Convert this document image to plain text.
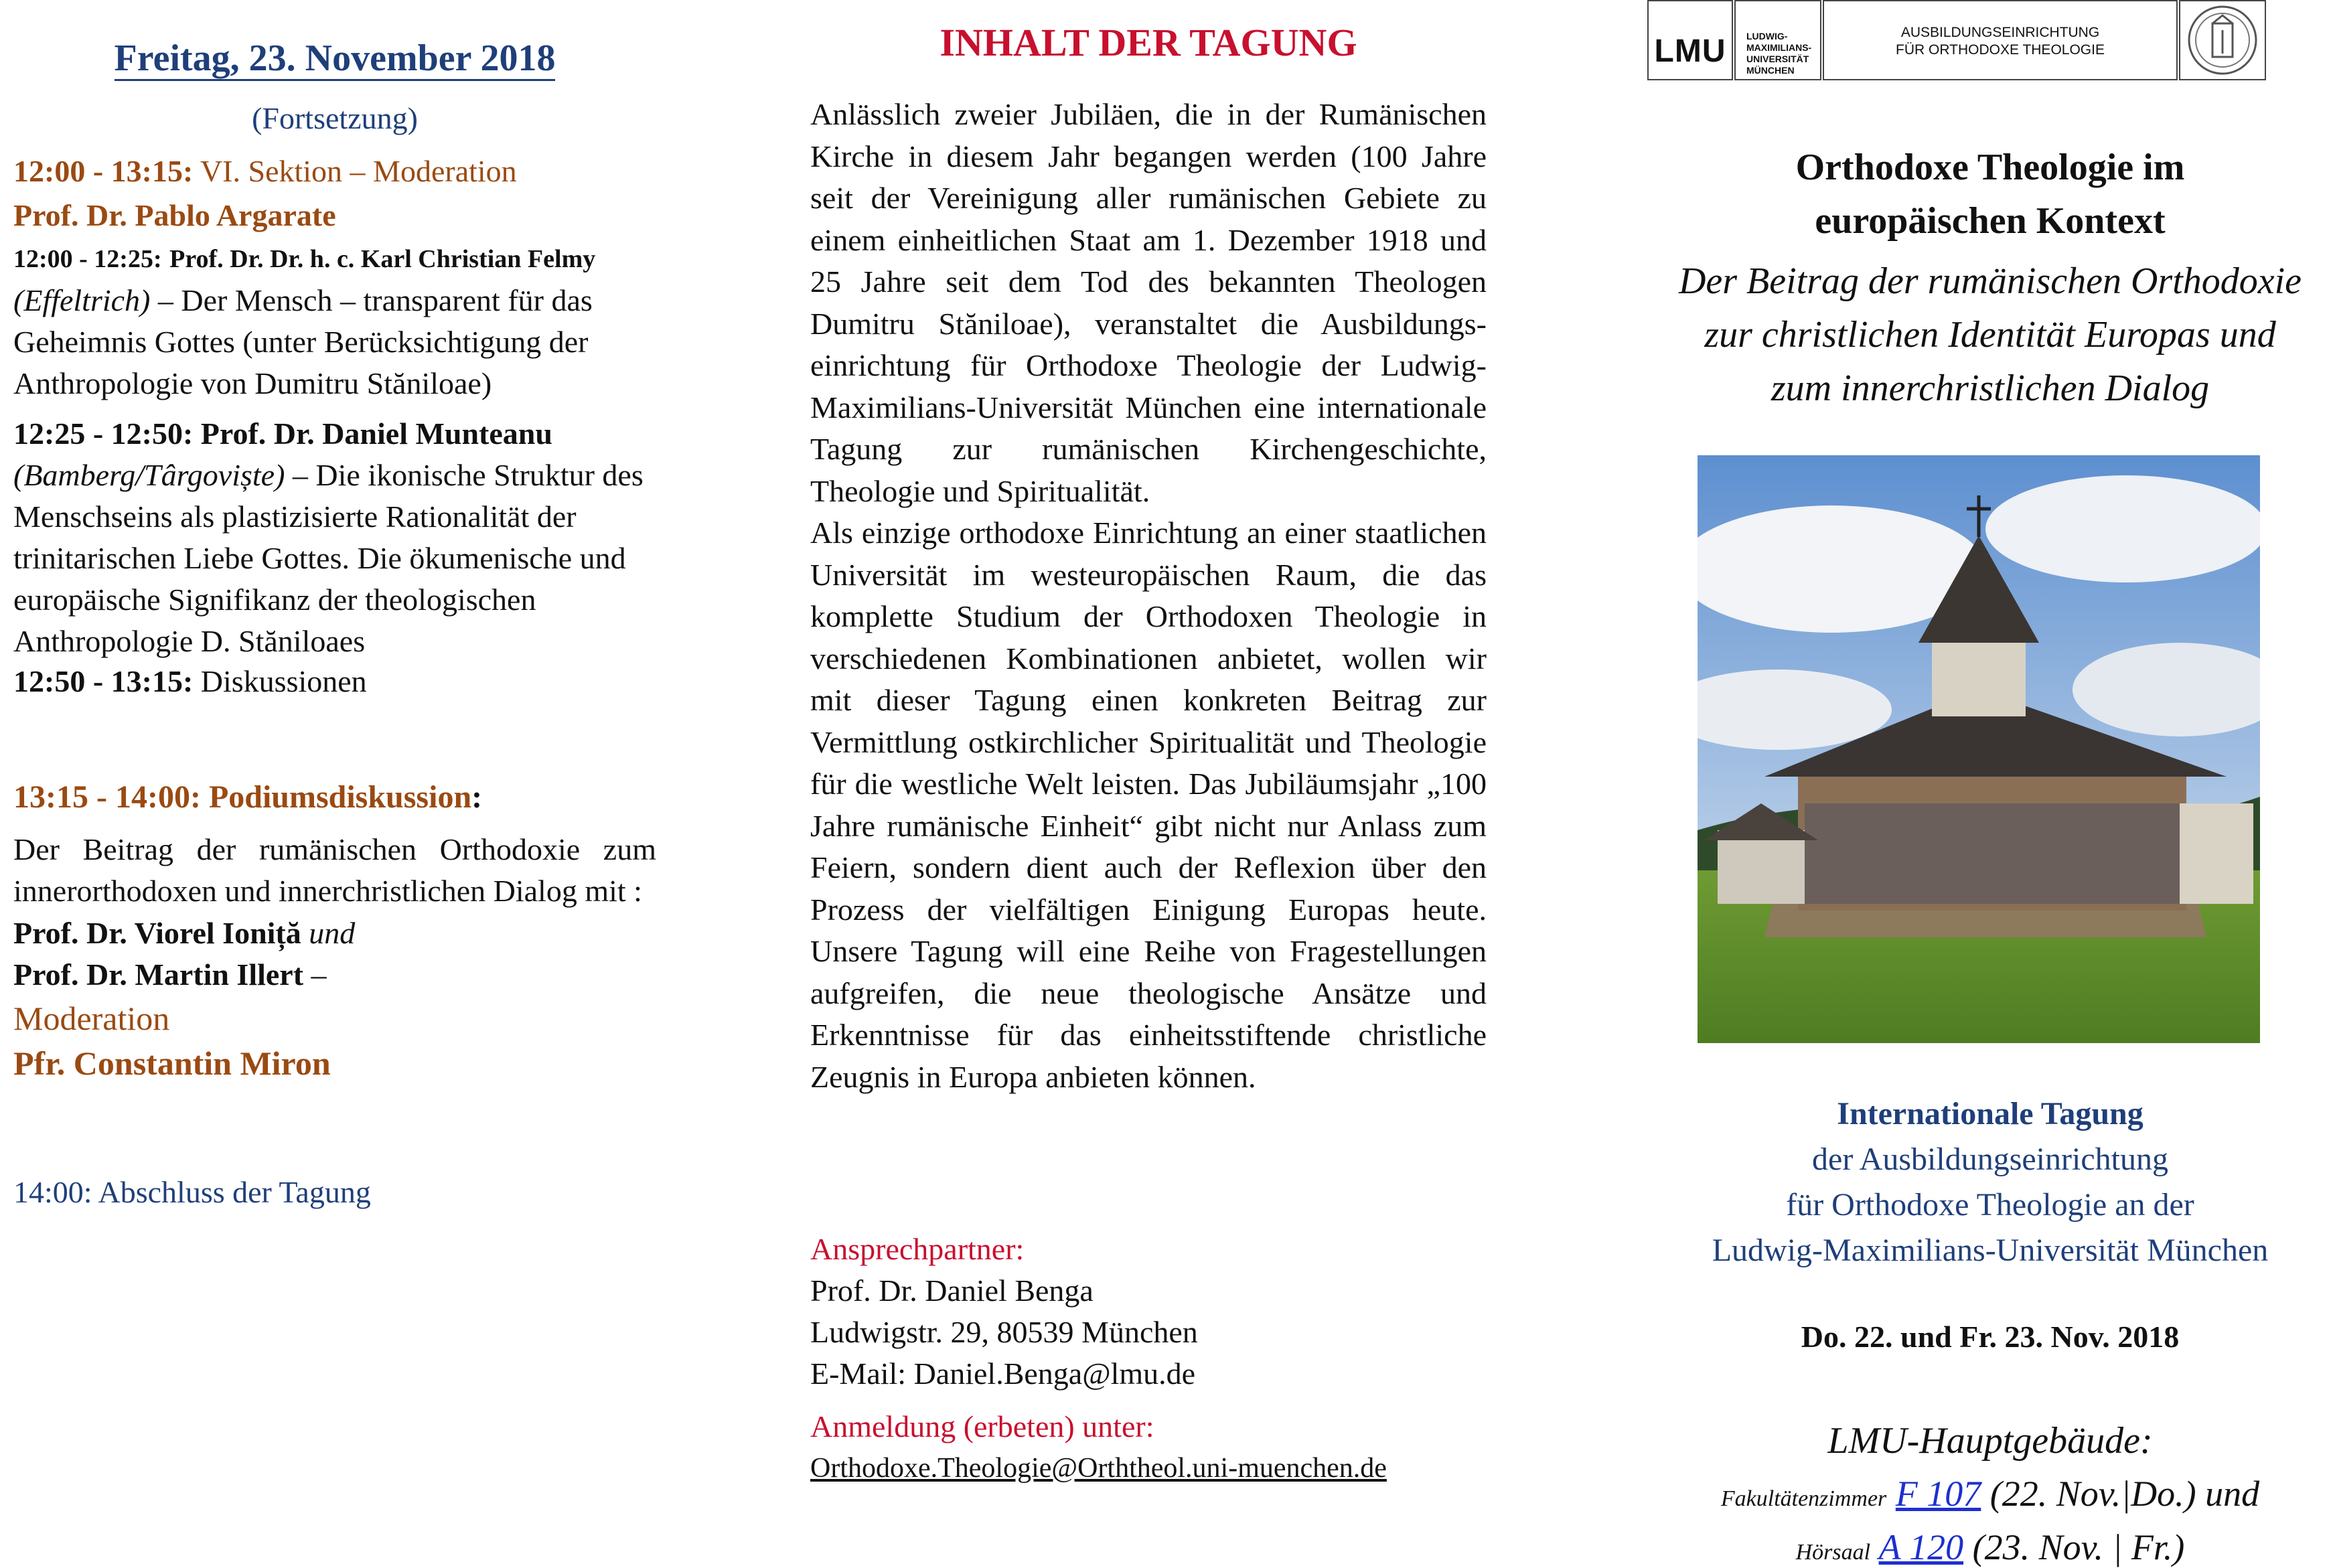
Freitag, 23. November 2018
(Fortsetzung)
12:00 - 13:15: VI. Sektion – Moderation
Prof. Dr. Pablo Argarate
12:00 - 12:25: Prof. Dr. Dr. h. c. Karl Christian Felmy (Effeltrich) – Der Mensch – transparent für das Geheimnis Gottes (unter Berücksichtigung der Anthropologie von Dumitru Stăniloae)
12:25 - 12:50: Prof. Dr. Daniel Munteanu (Bamberg/Târgoviște) – Die ikonische Struktur des Menschseins als plastizisierte Rationalität der trinitarischen Liebe Gottes. Die ökumenische und europäische Signifikanz der theologischen Anthropologie D. Stăniloaes
12:50 - 13:15: Diskussionen
13:15 - 14:00: Podiumsdiskussion:
Der Beitrag der rumänischen Orthodoxie zum innerorthodoxen und innerchristlichen Dialog mit :
Prof. Dr. Viorel Ioniță und
Prof. Dr. Martin Illert –
Moderation
Pfr. Constantin Miron
14:00: Abschluss der Tagung
INHALT DER TAGUNG

Anlässlich zweier Jubiläen, die in der Rumänischen Kirche in diesem Jahr begangen werden (100 Jahre seit der Vereinigung aller rumänischen Gebiete zu einem einheitlichen Staat am 1. Dezember 1918 und 25 Jahre seit dem Tod des bekannten Theologen Dumitru Stăniloae), veranstaltet die Ausbildungs-einrichtung für Orthodoxe Theologie der Ludwig-Maximilians-Universität München eine internationale Tagung zur rumänischen Kirchengeschichte, Theologie und Spiritualität.

Als einzige orthodoxe Einrichtung an einer staatlichen Universität im westeuropäischen Raum, die das komplette Studium der Orthodoxen Theologie in verschiedenen Kombinationen anbietet, wollen wir mit dieser Tagung einen konkreten Beitrag zur Vermittlung ostkirchlicher Spiritualität und Theologie für die westliche Welt leisten. Das Jubiläumsjahr „100 Jahre rumänische Einheit“ gibt nicht nur Anlass zum Feiern, sondern dient auch der Reflexion über den Prozess der vielfältigen Einigung Europas heute. Unsere Tagung will eine Reihe von Fragestellungen aufgreifen, die neue theologische Ansätze und Erkenntnisse für das einheitsstiftende christliche Zeugnis in Europa anbieten können.

Ansprechpartner:
Prof. Dr. Daniel Benga
Ludwigstr. 29, 80539 München
E-Mail: Daniel.Benga@lmu.de
Anmeldung (erbeten) unter:
Orthodoxe.Theologie@Orththeol.uni-muenchen.de
LMU	LUDWIG-
MAXIMILIANS-
UNIVERSITÄT
MÜNCHEN
AUSBILDUNGSEINRICHTUNG
FÜR ORTHODOXE THEOLOGIE
Orthodoxe Theologie im
europäischen Kontext
Der Beitrag der rumänischen Orthodoxie
zur christlichen Identität Europas und
zum innerchristlichen Dialog
Internationale Tagung
der Ausbildungseinrichtung
für Orthodoxe Theologie an der
Ludwig-Maximilians-Universität München
Do. 22. und Fr. 23. Nov. 2018
LMU-Hauptgebäude:
Fakultätenzimmer F 107 (22. Nov.|Do.) und
Hörsaal A 120 (23. Nov. | Fr.)
